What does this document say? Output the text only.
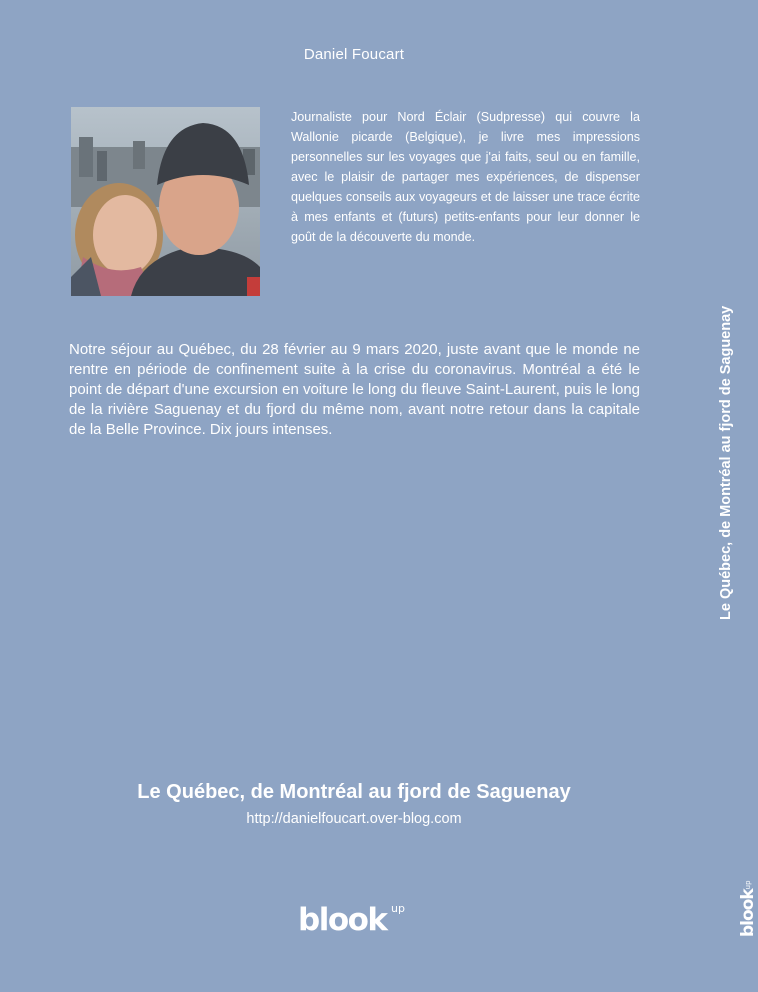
Daniel Foucart

Journaliste pour Nord Éclair (Sudpresse) qui couvre la Wallonie picarde (Belgique), je livre mes impressions personnelles sur les voyages que j'ai faits, seul ou en famille, avec le plaisir de partager mes expériences, de dispenser quelques conseils aux voyageurs et de laisser une trace écrite à mes enfants et (futurs) petits-enfants pour leur donner le goût de la découverte du monde.

Notre séjour au Québec, du 28 février au 9 mars 2020, juste avant que le monde ne rentre en période de confinement suite à la crise du coronavirus. Montréal a été le point de départ d'une excursion en voiture le long du fleuve Saint-Laurent, puis le long de la rivière Saguenay et du fjord du même nom, avant notre retour dans la capitale de la Belle Province. Dix jours intenses.

Le Québec, de Montréal au fjord de Saguenay
http://danielfoucart.over-blog.com
Le Québec, de Montréal au fjord de Saguenay
blook up	blook$^{up}$
